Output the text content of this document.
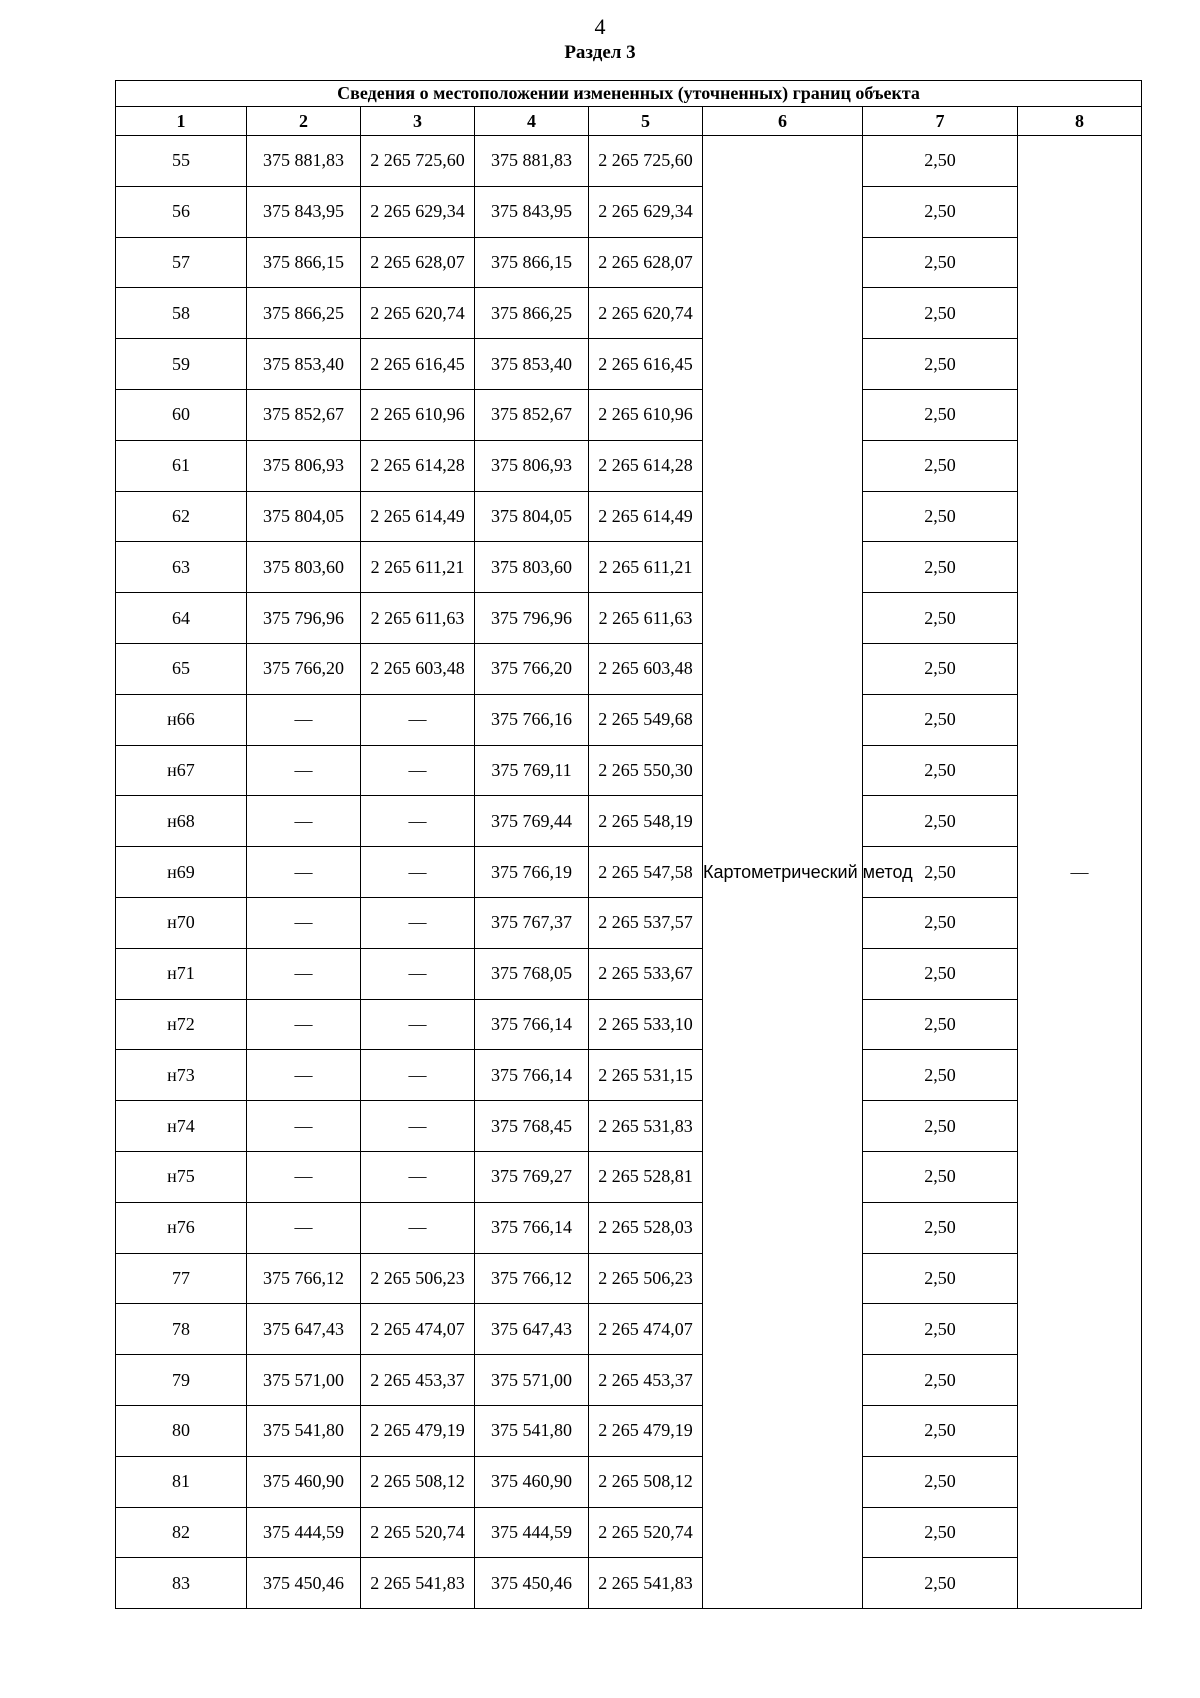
4
Раздел 3
Сведения о местоположении измененных (уточненных) границ объекта							
1	2	3	4	5	6	7	8
55	375 881,83	2 265 725,60	375 881,83	2 265 725,60	Картометрический метод	2,50	—
56	375 843,95	2 265 629,34	375 843,95	2 265 629,34		2,50	
57	375 866,15	2 265 628,07	375 866,15	2 265 628,07		2,50	
58	375 866,25	2 265 620,74	375 866,25	2 265 620,74		2,50	
59	375 853,40	2 265 616,45	375 853,40	2 265 616,45		2,50	
60	375 852,67	2 265 610,96	375 852,67	2 265 610,96		2,50	
61	375 806,93	2 265 614,28	375 806,93	2 265 614,28		2,50	
62	375 804,05	2 265 614,49	375 804,05	2 265 614,49		2,50	
63	375 803,60	2 265 611,21	375 803,60	2 265 611,21		2,50	
64	375 796,96	2 265 611,63	375 796,96	2 265 611,63		2,50	
65	375 766,20	2 265 603,48	375 766,20	2 265 603,48		2,50	
н66	—	—	375 766,16	2 265 549,68		2,50	
н67	—	—	375 769,11	2 265 550,30		2,50	
н68	—	—	375 769,44	2 265 548,19		2,50	
н69	—	—	375 766,19	2 265 547,58		2,50	
н70	—	—	375 767,37	2 265 537,57		2,50	
н71	—	—	375 768,05	2 265 533,67		2,50	
н72	—	—	375 766,14	2 265 533,10		2,50	
н73	—	—	375 766,14	2 265 531,15		2,50	
н74	—	—	375 768,45	2 265 531,83		2,50	
н75	—	—	375 769,27	2 265 528,81		2,50	
н76	—	—	375 766,14	2 265 528,03		2,50	
77	375 766,12	2 265 506,23	375 766,12	2 265 506,23		2,50	
78	375 647,43	2 265 474,07	375 647,43	2 265 474,07		2,50	
79	375 571,00	2 265 453,37	375 571,00	2 265 453,37		2,50	
80	375 541,80	2 265 479,19	375 541,80	2 265 479,19		2,50	
81	375 460,90	2 265 508,12	375 460,90	2 265 508,12		2,50	
82	375 444,59	2 265 520,74	375 444,59	2 265 520,74		2,50	
83	375 450,46	2 265 541,83	375 450,46	2 265 541,83		2,50	
